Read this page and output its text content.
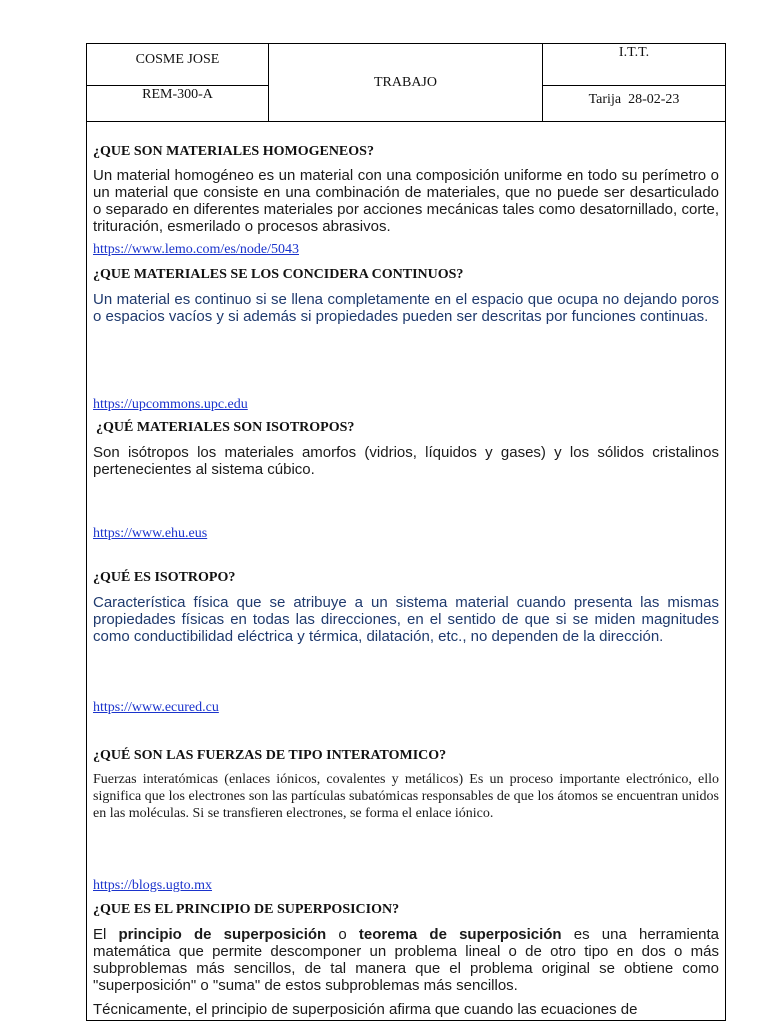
COSME JOSE
REM-300-A
TRABAJO
I.T.T.
Tarija 28-02-23
¿QUE SON MATERIALES HOMOGENEOS?
Un material homogéneo es un material con una composición uniforme en todo su perímetro o un material que consiste en una combinación de materiales, que no puede ser desarticulado o separado en diferentes materiales por acciones mecánicas tales como desatornillado, corte, trituración, esmerilado o procesos abrasivos.
https://www.lemo.com/es/node/5043
¿QUE MATERIALES SE LOS CONCIDERA CONTINUOS?
Un material es continuo si se llena completamente en el espacio que ocupa no dejando poros o espacios vacíos y si además si propiedades pueden ser descritas por funciones continuas.
https://upcommons.upc.edu
¿QUÉ MATERIALES SON ISOTROPOS?
Son isótropos los materiales amorfos (vidrios, líquidos y gases) y los sólidos cristalinos pertenecientes al sistema cúbico.
https://www.ehu.eus
¿QUÉ ES ISOTROPO?
Característica física que se atribuye a un sistema material cuando presenta las mismas propiedades físicas en todas las direcciones, en el sentido de que si se miden magnitudes como conductibilidad eléctrica y térmica, dilatación, etc., no dependen de la dirección.
https://www.ecured.cu
¿QUÉ SON LAS FUERZAS DE TIPO INTERATOMICO?
Fuerzas interatómicas (enlaces iónicos, covalentes y metálicos) Es un proceso importante electrónico, ello significa que los electrones son las partículas subatómicas responsables de que los átomos se encuentran unidos en las moléculas. Si se transfieren electrones, se forma el enlace iónico.
https://blogs.ugto.mx
¿QUE ES EL PRINCIPIO DE SUPERPOSICION?
El principio de superposición o teorema de superposición es una herramienta matemática que permite descomponer un problema lineal o de otro tipo en dos o más subproblemas más sencillos, de tal manera que el problema original se obtiene como "superposición" o "suma" de estos subproblemas más sencillos.
Técnicamente, el principio de superposición afirma que cuando las ecuaciones de
